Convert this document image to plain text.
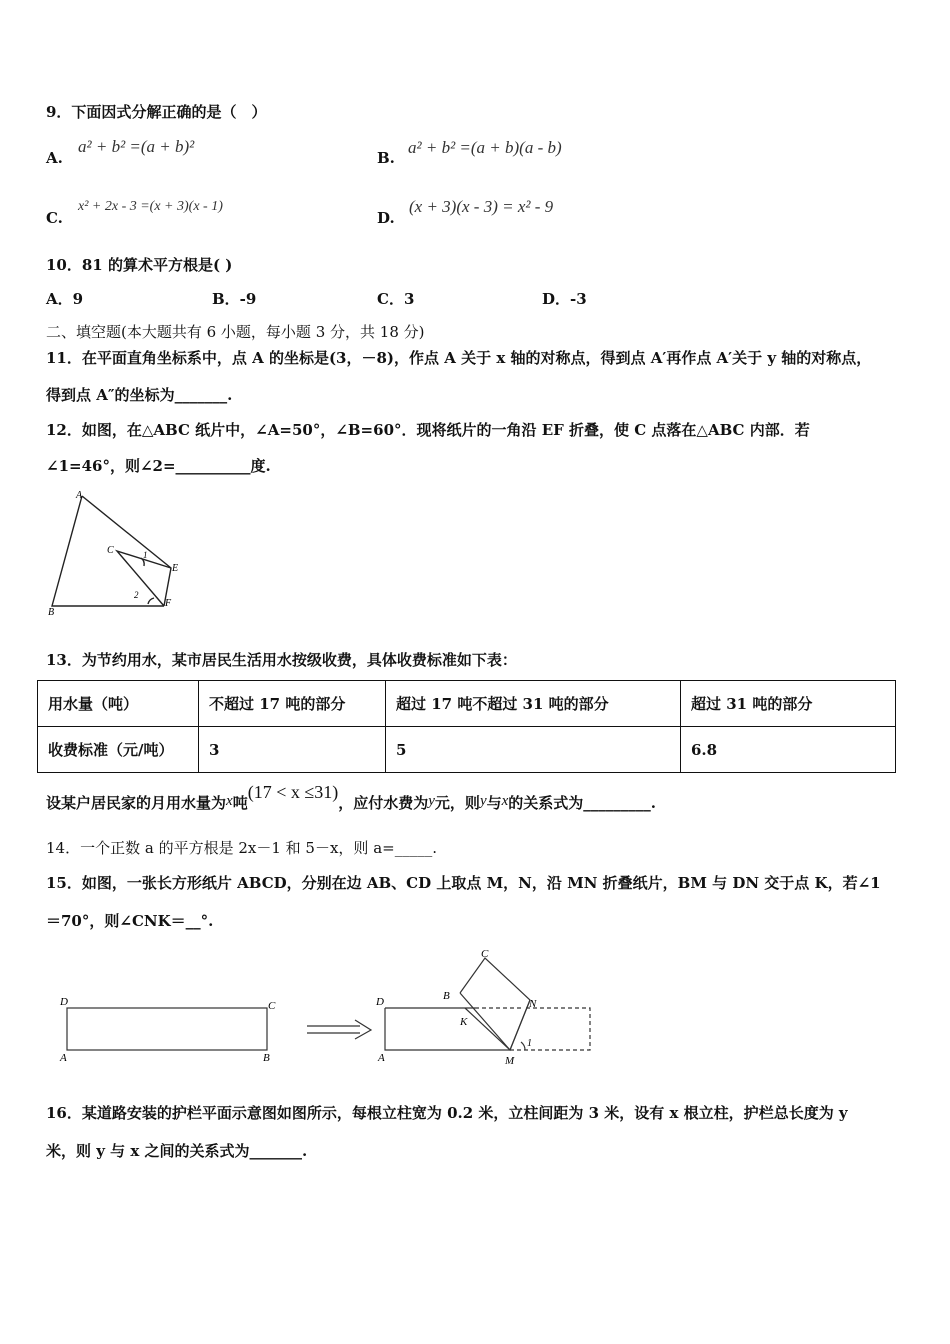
9．下面因式分解正确的是（　）
A.
a² + b² =(a + b)²
B.
a² + b² =(a + b)(a - b)
C.
x² + 2x - 3 =(x + 3)(x - 1)
D.
(x + 3)(x - 3) = x² - 9
10．81 的算术平方根是( )
A．9	B．-9	C．3	D．-3
二、填空题(本大题共有 6 小题，每小题 3 分，共 18 分)
11．在平面直角坐标系中，点 A 的坐标是(3，－8)，作点 A 关于 x 轴的对称点，得到点 A′再作点 A′关于 y 轴的对称点，
得到点 A″的坐标为_______.
12．如图，在△ABC 纸片中，∠A=50°，∠B=60°．现将纸片的一角沿 EF 折叠，使 C 点落在△ABC 内部．若
∠1=46°，则∠2=__________度.
A
B
C
E
F
1
2
13．为节约用水，某市居民生活用水按级收费，具体收费标准如下表：
用水量（吨）	不超过 17 吨的部分	超过 17 吨不超过 31 吨的部分	超过 31 吨的部分
收费标准（元/吨）	3	5	6.8
设某户居民家的月用水量为x吨(17 < x ≤31)，应付水费为y元，则y与x的关系式为_________.
14．一个正数 a 的平方根是 2x－1 和 5－x，则 a=_____.
15．如图，一张长方形纸片 ABCD，分别在边 AB、CD 上取点 M，N，沿 MN 折叠纸片，BM 与 DN 交于点 K，若∠1
＝70°，则∠CNK＝__°.
D	C
A	B
C
B
D	N
K
A	M
1
16．某道路安装的护栏平面示意图如图所示，每根立柱宽为 0.2 米，立柱间距为 3 米，设有 x 根立柱，护栏总长度为 y
米，则 y 与 x 之间的关系式为_______.
